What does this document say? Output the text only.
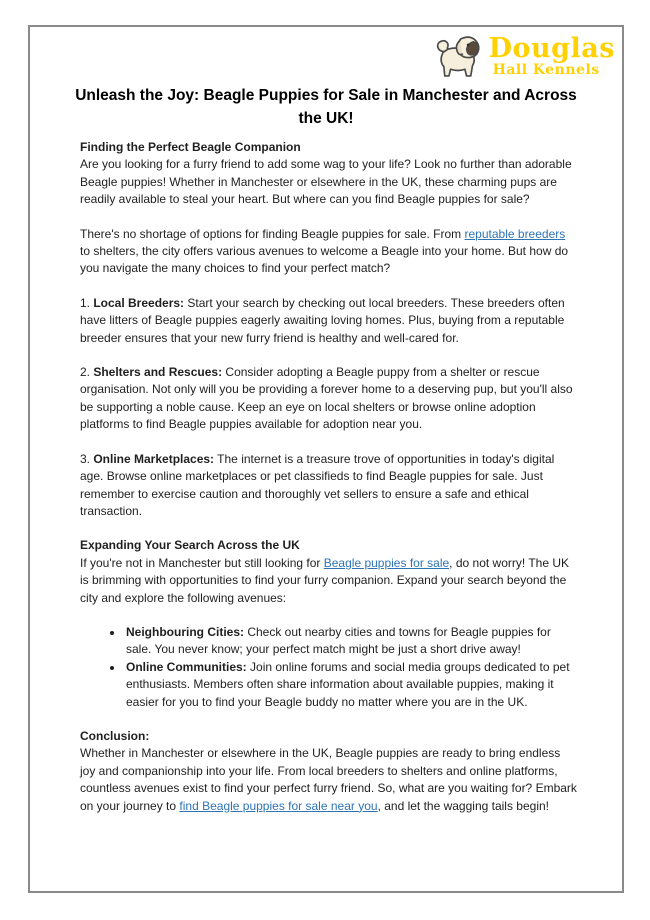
Douglas
Hall Kennels
Unleash the Joy: Beagle Puppies for Sale in Manchester and Across the UK!
Finding the Perfect Beagle Companion
Are you looking for a furry friend to add some wag to your life? Look no further than adorable Beagle puppies! Whether in Manchester or elsewhere in the UK, these charming pups are readily available to steal your heart. But where can you find Beagle puppies for sale?
There's no shortage of options for finding Beagle puppies for sale. From reputable breeders to shelters, the city offers various avenues to welcome a Beagle into your home. But how do you navigate the many choices to find your perfect match?
1. Local Breeders: Start your search by checking out local breeders. These breeders often have litters of Beagle puppies eagerly awaiting loving homes. Plus, buying from a reputable breeder ensures that your new furry friend is healthy and well-cared for.
2. Shelters and Rescues: Consider adopting a Beagle puppy from a shelter or rescue organisation. Not only will you be providing a forever home to a deserving pup, but you'll also be supporting a noble cause. Keep an eye on local shelters or browse online adoption platforms to find Beagle puppies available for adoption near you.
3. Online Marketplaces: The internet is a treasure trove of opportunities in today's digital age. Browse online marketplaces or pet classifieds to find Beagle puppies for sale. Just remember to exercise caution and thoroughly vet sellers to ensure a safe and ethical transaction.
Expanding Your Search Across the UK
If you're not in Manchester but still looking for Beagle puppies for sale, do not worry! The UK is brimming with opportunities to find your furry companion. Expand your search beyond the city and explore the following avenues:
• Neighbouring Cities: Check out nearby cities and towns for Beagle puppies for sale. You never know; your perfect match might be just a short drive away!
• Online Communities: Join online forums and social media groups dedicated to pet enthusiasts. Members often share information about available puppies, making it easier for you to find your Beagle buddy no matter where you are in the UK.
Conclusion:
Whether in Manchester or elsewhere in the UK, Beagle puppies are ready to bring endless joy and companionship into your life. From local breeders to shelters and online platforms, countless avenues exist to find your perfect furry friend. So, what are you waiting for? Embark on your journey to find Beagle puppies for sale near you, and let the wagging tails begin!
